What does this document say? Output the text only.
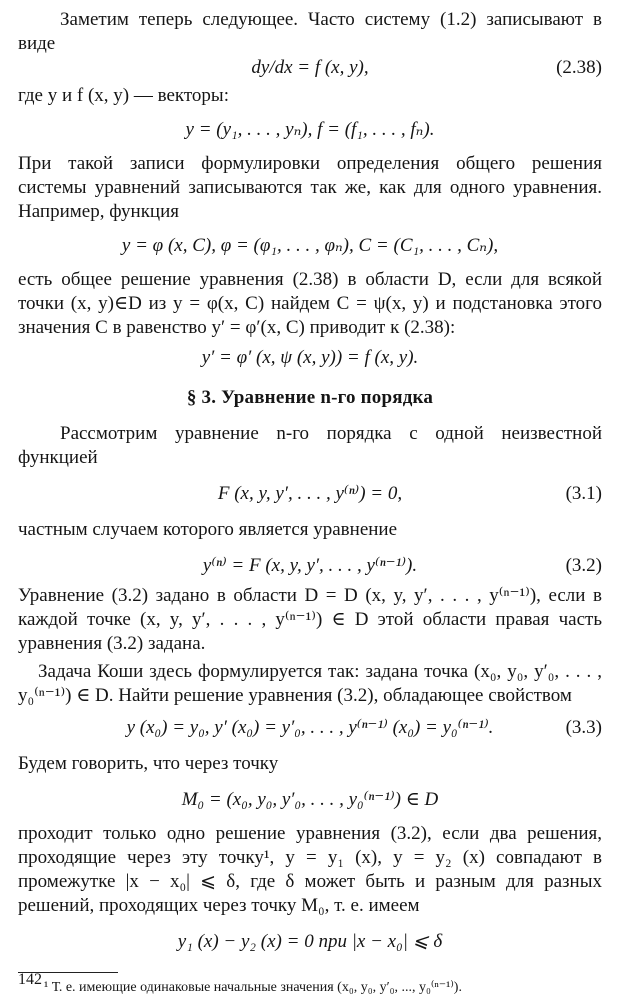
Заметим теперь следующее. Часто систему (1.2) записывают в виде

dy/dx = f (x, y),	(2.38)

где y и f (x, y) — векторы:

y = (y₁, . . . , yₙ), f = (f₁, . . . , fₙ).

При такой записи формулировки определения общего решения системы уравнений записываются так же, как для одного уравнения. Например, функция

y = φ (x, C), φ = (φ₁, . . . , φₙ), C = (C₁, . . . , Cₙ),

есть общее решение уравнения (2.38) в области D, если для всякой точки (x, y)∈D из y = φ(x, C) найдем C = ψ(x, y) и подстановка этого значения C в равенство y′ = φ′(x, C) приводит к (2.38):

y′ = φ′ (x, ψ (x, y)) = f (x, y).
§ 3. Уравнение n-го порядка

Рассмотрим уравнение n-го порядка с одной неизвестной функцией

F (x, y, y′, . . . , y⁽ⁿ⁾) = 0,	(3.1)

частным случаем которого является уравнение

y⁽ⁿ⁾ = F (x, y, y′, . . . , y⁽ⁿ⁻¹⁾).	(3.2)

Уравнение (3.2) задано в области D = D (x, y, y′, . . . , y⁽ⁿ⁻¹⁾), если в каждой точке (x, y, y′, . . . , y⁽ⁿ⁻¹⁾) ∈ D этой области правая часть уравнения (3.2) задана.

Задача Коши здесь формулируется так: задана точка (x₀, y₀, y′₀, . . . , y₀⁽ⁿ⁻¹⁾) ∈ D. Найти решение уравнения (3.2), обладающее свойством

y (x₀) = y₀, y′ (x₀) = y′₀, . . . , y⁽ⁿ⁻¹⁾ (x₀) = y₀⁽ⁿ⁻¹⁾.	(3.3)

Будем говорить, что через точку

M₀ = (x₀, y₀, y′₀, . . . , y₀⁽ⁿ⁻¹⁾) ∈ D

проходит только одно решение уравнения (3.2), если два решения, проходящие через эту точку¹, y = y₁ (x), y = y₂ (x) совпадают в промежутке |x − x₀| ⩽ δ, где δ может быть и разным для разных решений, проходящих через точку M₀, т. е. имеем

y₁ (x) − y₂ (x) = 0 при |x − x₀| ⩽ δ

¹ Т. е. имеющие одинаковые начальные значения (x₀, y₀, y′₀, ..., y₀⁽ⁿ⁻¹⁾).

142
